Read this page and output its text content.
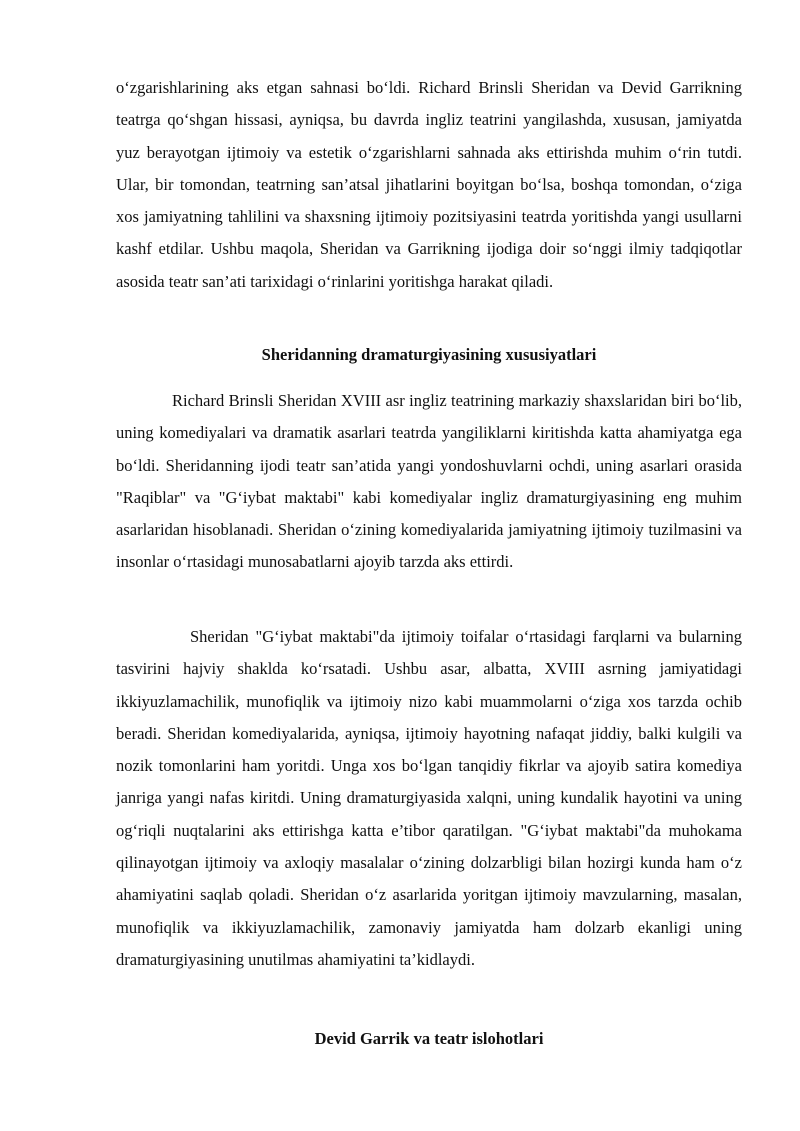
oʻzgarishlarining aks etgan sahnasi boʻldi. Richard Brinsli Sheridan va Devid Garrikning teatrga qoʻshgan hissasi, ayniqsa, bu davrda ingliz teatrini yangilashda, xususan, jamiyatda yuz berayotgan ijtimoiy va estetik oʻzgarishlarni sahnada aks ettirishda muhim oʻrin tutdi. Ular, bir tomondan, teatrning san’atsal jihatlarini boyitgan boʻlsa, boshqa tomondan, oʻziga xos jamiyatning tahlilini va shaxsning ijtimoiy pozitsiyasini teatrda yoritishda yangi usullarni kashf etdilar. Ushbu maqola, Sheridan va Garrikning ijodiga doir soʻnggi ilmiy tadqiqotlar asosida teatr san’ati tarixidagi oʻrinlarini yoritishga harakat qiladi.

Sheridanning dramaturgiyasining xususiyatlari

Richard Brinsli Sheridan XVIII asr ingliz teatrining markaziy shaxslaridan biri boʻlib, uning komediyalari va dramatik asarlari teatrda yangiliklarni kiritishda katta ahamiyatga ega boʻldi. Sheridanning ijodi teatr san’atida yangi yondoshuvlarni ochdi, uning asarlari orasida "Raqiblar" va "Gʻiybat maktabi" kabi komediyalar ingliz dramaturgiyasining eng muhim asarlaridan hisoblanadi. Sheridan oʻzining komediyalarida jamiyatning ijtimoiy tuzilmasini va insonlar oʻrtasidagi munosabatlarni ajoyib tarzda aks ettirdi.

Sheridan "Gʻiybat maktabi"da ijtimoiy toifalar oʻrtasidagi farqlarni va bularning tasvirini hajviy shaklda koʻrsatadi. Ushbu asar, albatta, XVIII asrning jamiyatidagi ikkiyuzlamachilik, munofiqlik va ijtimoiy nizo kabi muammolarni oʻziga xos tarzda ochib beradi. Sheridan komediyalarida, ayniqsa, ijtimoiy hayotning nafaqat jiddiy, balki kulgili va nozik tomonlarini ham yoritdi. Unga xos boʻlgan tanqidiy fikrlar va ajoyib satira komediya janriga yangi nafas kiritdi. Uning dramaturgiyasida xalqni, uning kundalik hayotini va uning ogʻriqli nuqtalarini aks ettirishga katta e’tibor qaratilgan. "Gʻiybat maktabi"da muhokama qilinayotgan ijtimoiy va axloqiy masalalar oʻzining dolzarbligi bilan hozirgi kunda ham oʻz ahamiyatini saqlab qoladi. Sheridan oʻz asarlarida yoritgan ijtimoiy mavzularning, masalan, munofiqlik va ikkiyuzlamachilik, zamonaviy jamiyatda ham dolzarb ekanligi uning dramaturgiyasining unutilmas ahamiyatini ta’kidlaydi.

Devid Garrik va teatr islohotlari
